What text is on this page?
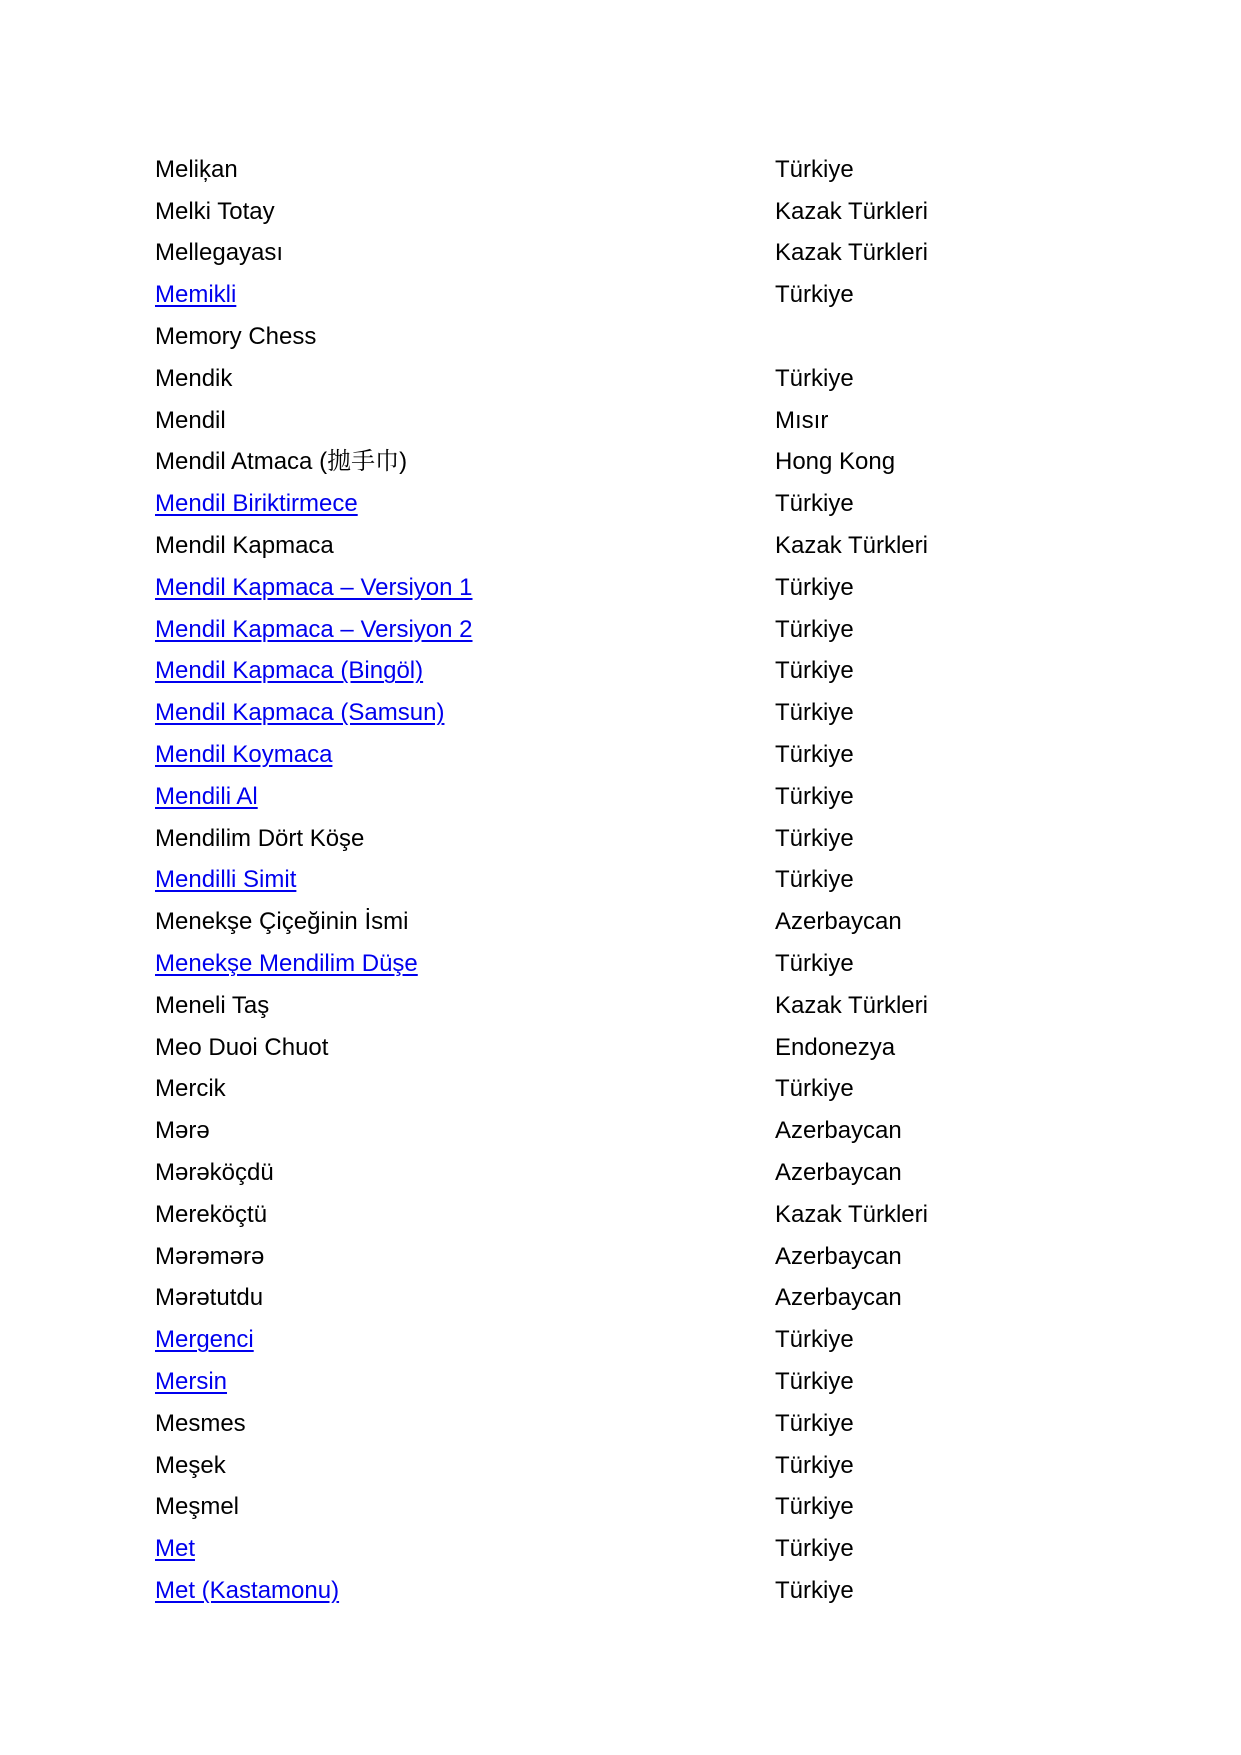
Meliķan	Türkiye
Melki Totay	Kazak Türkleri
Mellegayası	Kazak Türkleri
Memikli	Türkiye
Memory Chess
Mendik	Türkiye
Mendil	Mısır
Mendil Atmaca (拋手巾)	Hong Kong
Mendil Biriktirmece	Türkiye
Mendil Kapmaca	Kazak Türkleri
Mendil Kapmaca – Versiyon 1	Türkiye
Mendil Kapmaca – Versiyon 2	Türkiye
Mendil Kapmaca (Bingöl)	Türkiye
Mendil Kapmaca (Samsun)	Türkiye
Mendil Koymaca	Türkiye
Mendili Al	Türkiye
Mendilim Dört Köşe	Türkiye
Mendilli Simit	Türkiye
Menekşe Çiçeğinin İsmi	Azerbaycan
Menekşe Mendilim Düşe	Türkiye
Meneli Taş	Kazak Türkleri
Meo Duoi Chuot	Endonezya
Mercik	Türkiye
Mərə	Azerbaycan
Mərəköçdü	Azerbaycan
Mereköçtü	Kazak Türkleri
Mərəmərə	Azerbaycan
Mərətutdu	Azerbaycan
Mergenci	Türkiye
Mersin	Türkiye
Mesmes	Türkiye
Meşek	Türkiye
Meşmel	Türkiye
Met	Türkiye
Met (Kastamonu)	Türkiye
